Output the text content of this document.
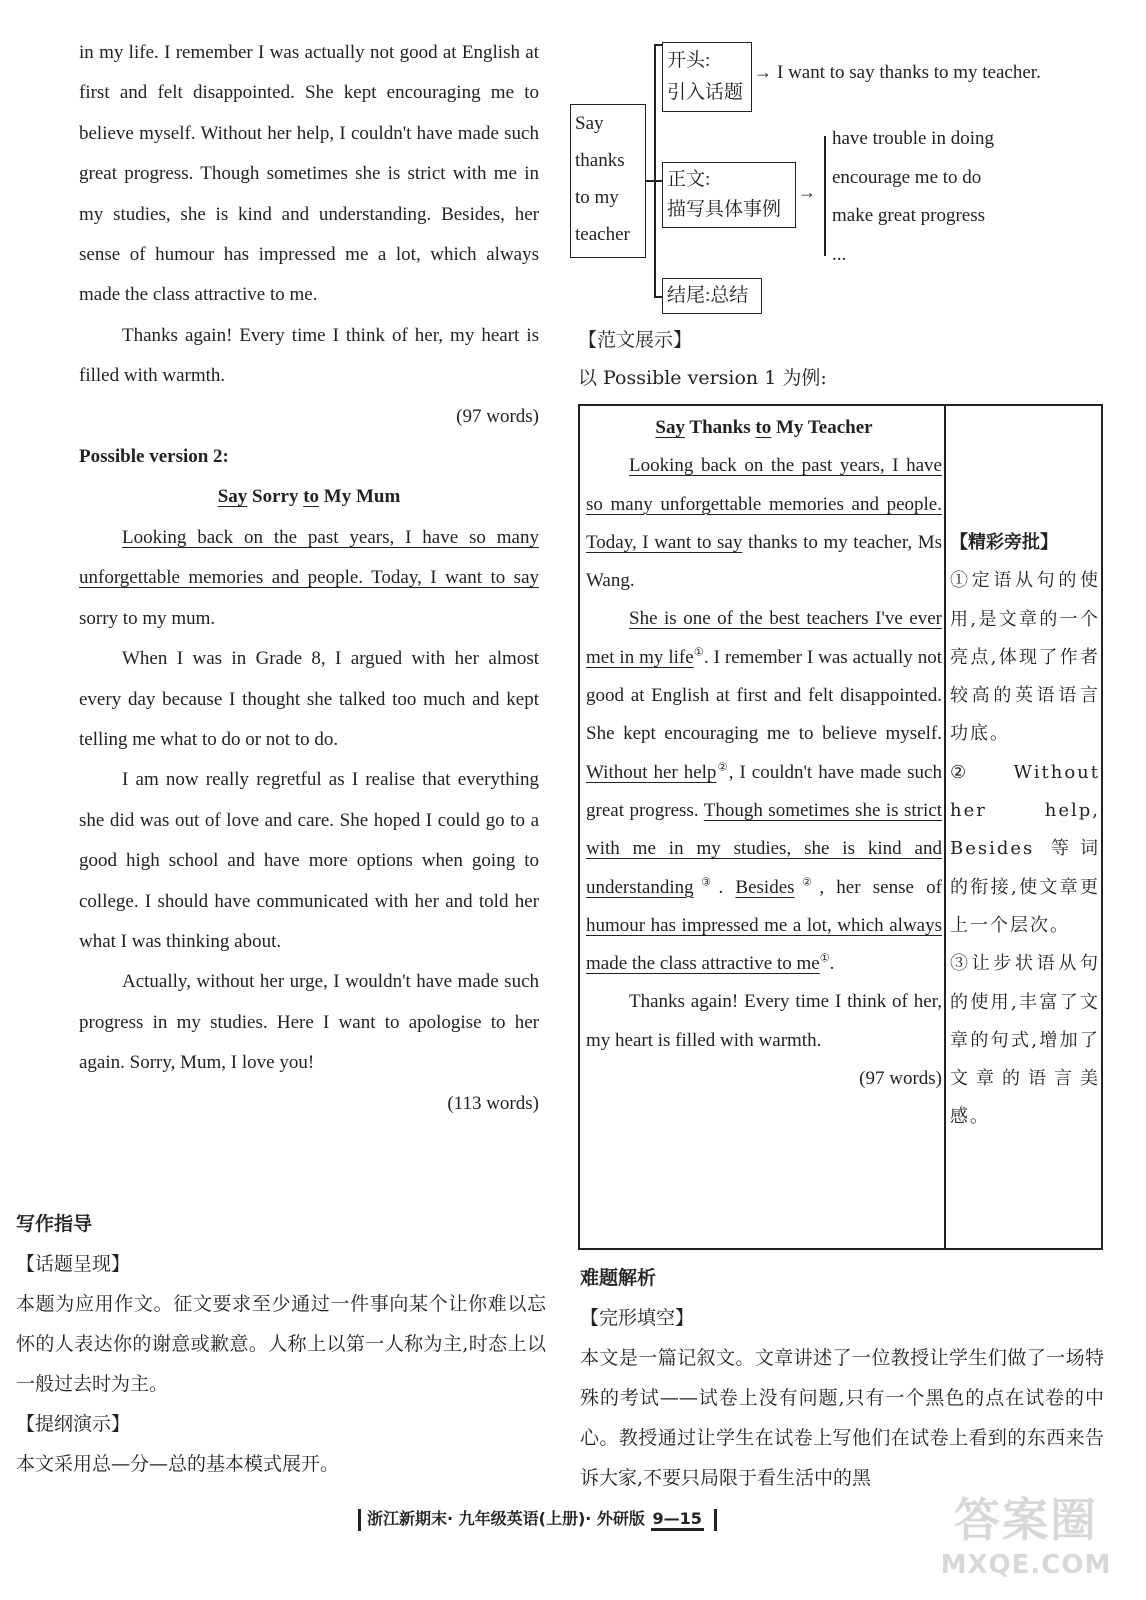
in my life. I remember I was actually not good at English at first and felt disappointed. She kept encouraging me to believe myself. Without her help, I couldn't have made such great progress. Though sometimes she is strict with me in my studies, she is kind and understanding. Besides, her sense of humour has impressed me a lot, which always made the class attractive to me.

Thanks again! Every time I think of her, my heart is filled with warmth.

(97 words)

Possible version 2:

Say Sorry to My Mum

Looking back on the past years, I have so many unforgettable memories and people. Today, I want to say sorry to my mum.

When I was in Grade 8, I argued with her almost every day because I thought she talked too much and kept telling me what to do or not to do.

I am now really regretful as I realise that everything she did was out of love and care. She hoped I could go to a good high school and have more options when going to college. I should have communicated with her and told her what I was thinking about.

Actually, without her urge, I wouldn't have made such progress in my studies. Here I want to apologise to her again. Sorry, Mum, I love you!

(113 words)

写作指导

【话题呈现】

本题为应用作文。征文要求至少通过一件事向某个让你难以忘怀的人表达你的谢意或歉意。人称上以第一人称为主,时态上以一般过去时为主。

【提纲演示】

本文采用总—分—总的基本模式展开。

Say
thanks
to my
teacher
开头:
引入话题
→ I want to say thanks to my teacher.
正文:
描写具体事例
→
have trouble in doing
encourage me to do
make great progress
...
结尾:总结

【范文展示】

以 Possible version 1 为例:

Say Thanks to My Teacher

Looking back on the past years, I have so many unforgettable memories and people. Today, I want to say thanks to my teacher, Ms Wang.

She is one of the best teachers I've ever met in my life①. I remember I was actually not good at English at first and felt disappointed. She kept encouraging me to believe myself. Without her help②, I couldn't have made such great progress. Though sometimes she is strict with me in my studies, she is kind and understanding③. Besides②, her sense of humour has impressed me a lot, which always made the class attractive to me①.

Thanks again! Every time I think of her, my heart is filled with warmth.

(97 words)

【精彩旁批】

①定语从句的使用,是文章的一个亮点,体现了作者较高的英语语言功底。

② Without her help, Besides 等词的衔接,使文章更上一个层次。

③让步状语从句的使用,丰富了文章的句式,增加了文章的语言美感。

难题解析

【完形填空】

本文是一篇记叙文。文章讲述了一位教授让学生们做了一场特殊的考试——试卷上没有问题,只有一个黑色的点在试卷的中心。教授通过让学生在试卷上写他们在试卷上看到的东西来告诉大家,不要只局限于看生活中的黑

浙江新期末· 九年级英语(上册)· 外研版 9—15	答案圈
MXQE.COM
